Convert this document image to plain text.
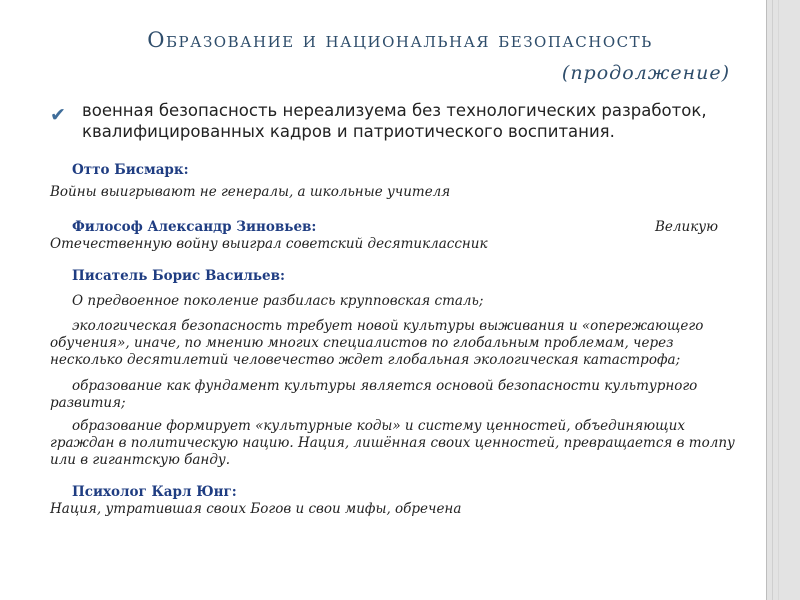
Образование и национальная безопасность
(продолжение)
✔ военная безопасность нереализуема без технологических разработок, квалифицированных кадров и патриотического воспитания.
Отто Бисмарк:
Войны выигрывают не генералы, а школьные учителя
Философ Александр Зиновьев:	Великую
Отечественную войну выиграл советский десятиклассник
Писатель Борис Васильев:
О предвоенное поколение разбилась крупповская сталь;
экологическая безопасность требует новой культуры выживания и «опережающего обучения», иначе, по мнению многих специалистов по глобальным проблемам, через несколько десятилетий человечество ждет глобальная экологическая катастрофа;
образование как фундамент культуры является основой безопасности культурного развития;
образование формирует «культурные коды» и систему ценностей, объединяющих граждан в политическую нацию. Нация, лишённая своих ценностей, превращается в толпу или в гигантскую банду.
Психолог Карл Юнг:
Нация, утратившая своих Богов и свои мифы, обречена
